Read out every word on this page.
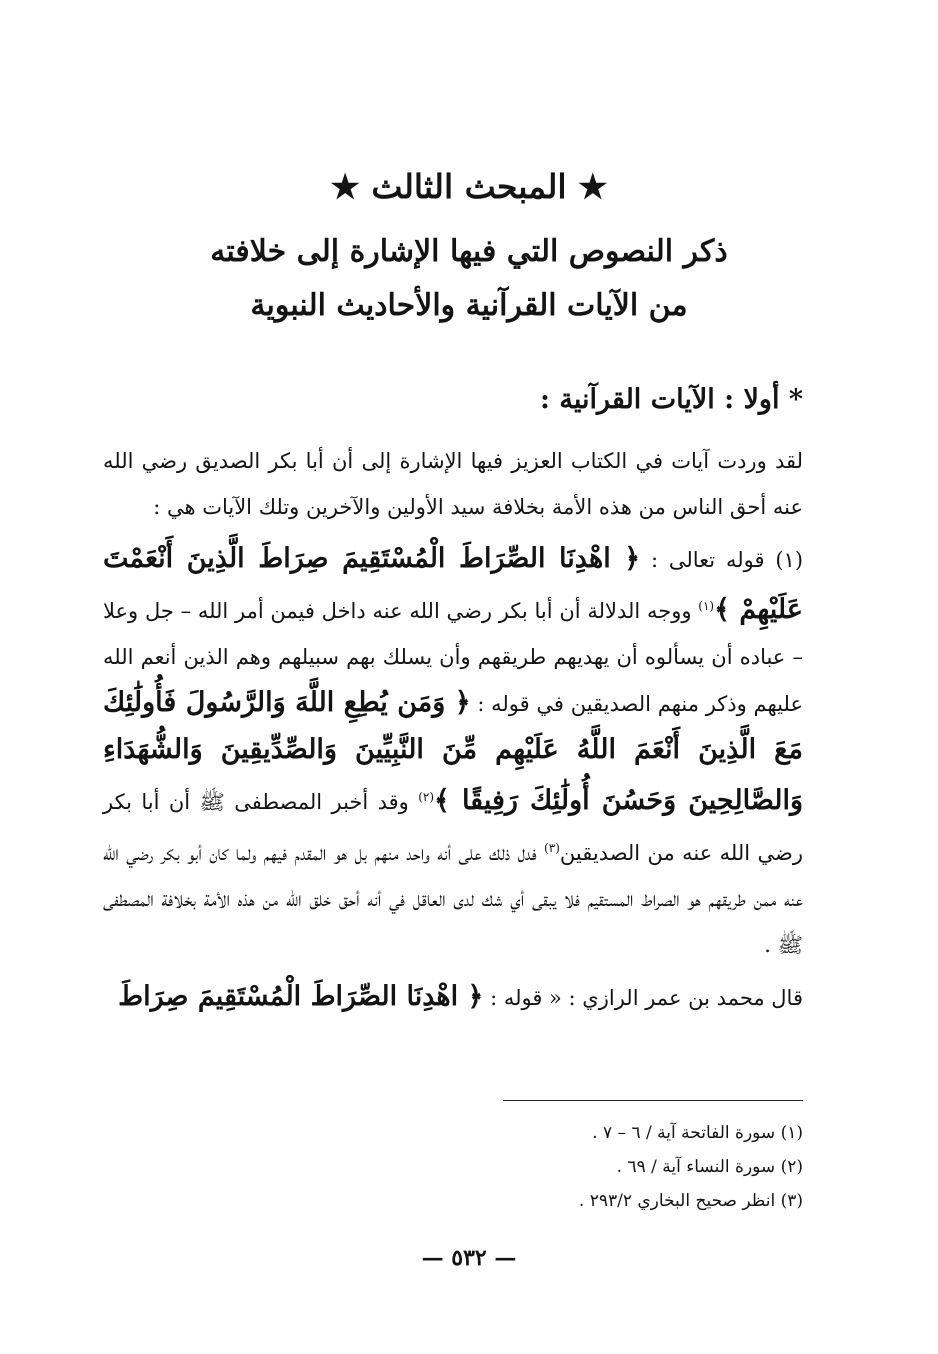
★ المبحث الثالث ★
ذكر النصوص التي فيها الإشارة إلى خلافته
من الآيات القرآنية والأحاديث النبوية
* أولا : الآيات القرآنية :

لقد وردت آيات في الكتاب العزيز فيها الإشارة إلى أن أبا بكر الصديق رضي الله عنه أحق الناس من هذه الأمة بخلافة سيد الأولين والآخرين وتلك الآيات هي :

(١) قوله تعالى : ﴿ اهْدِنَا الصِّرَاطَ الْمُسْتَقِيمَ صِرَاطَ الَّذِينَ أَنْعَمْتَ عَلَيْهِمْ ﴾$^{(١)}$ ووجه الدلالة أن أبا بكر رضي الله عنه داخل فيمن أمر الله – جل وعلا – عباده أن يسألوه أن يهديهم طريقهم وأن يسلك بهم سبيلهم وهم الذين أنعم الله عليهم وذكر منهم الصديقين في قوله : ﴿ وَمَن يُطِعِ اللَّهَ وَالرَّسُولَ فَأُولَٰئِكَ مَعَ الَّذِينَ أَنْعَمَ اللَّهُ عَلَيْهِم مِّنَ النَّبِيِّينَ وَالصِّدِّيقِينَ وَالشُّهَدَاءِ وَالصَّالِحِينَ وَحَسُنَ أُولَٰئِكَ رَفِيقًا ﴾$^{(٢)}$ وقد أخبر المصطفى ﷺ أن أبا بكر رضي الله عنه من الصديقين$^{(٣)}$ فدل ذلك على أنه واحد منهم بل هو المقدم فيهم ولما كان أبو بكر رضي الله عنه ممن طريقهم هو الصراط المستقيم فلا يبقى أي شك لدى العاقل في أنه أحق خلق الله من هذه الأمة بخلافة المصطفى ﷺ .

قال محمد بن عمر الرازي : « قوله : ﴿ اهْدِنَا الصِّرَاطَ الْمُسْتَقِيمَ صِرَاطَ

(١) سورة الفاتحة آية / ٦ – ٧ .
(٢) سورة النساء آية / ٦٩ .
(٣) انظر صحيح البخاري ٢٩٣/٢ .
— ٥٣٢ —
